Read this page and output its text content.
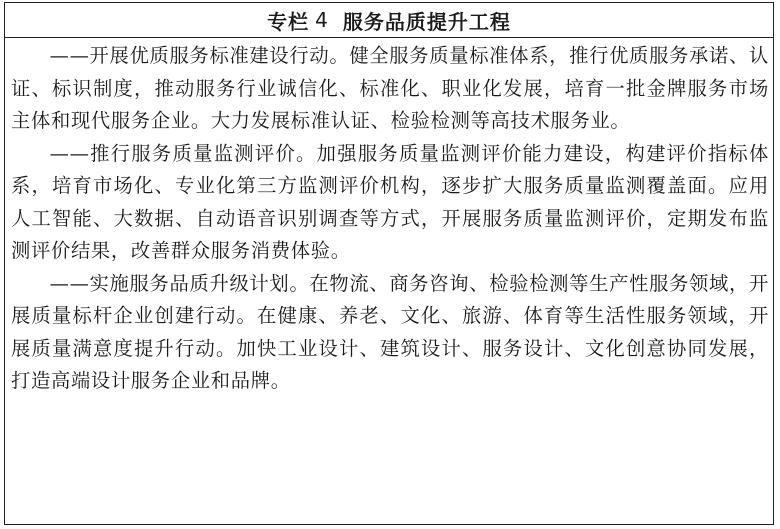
专栏 4 服务品质提升工程

——开展优质服务标准建设行动。健全服务质量标准体系，推行优质服务承诺、认证、标识制度，推动服务行业诚信化、标准化、职业化发展，培育一批金牌服务市场主体和现代服务企业。大力发展标准认证、检验检测等高技术服务业。

——推行服务质量监测评价。加强服务质量监测评价能力建设，构建评价指标体系，培育市场化、专业化第三方监测评价机构，逐步扩大服务质量监测覆盖面。应用人工智能、大数据、自动语音识别调查等方式，开展服务质量监测评价，定期发布监测评价结果，改善群众服务消费体验。

——实施服务品质升级计划。在物流、商务咨询、检验检测等生产性服务领域，开展质量标杆企业创建行动。在健康、养老、文化、旅游、体育等生活性服务领域，开展质量满意度提升行动。加快工业设计、建筑设计、服务设计、文化创意协同发展，打造高端设计服务企业和品牌。
